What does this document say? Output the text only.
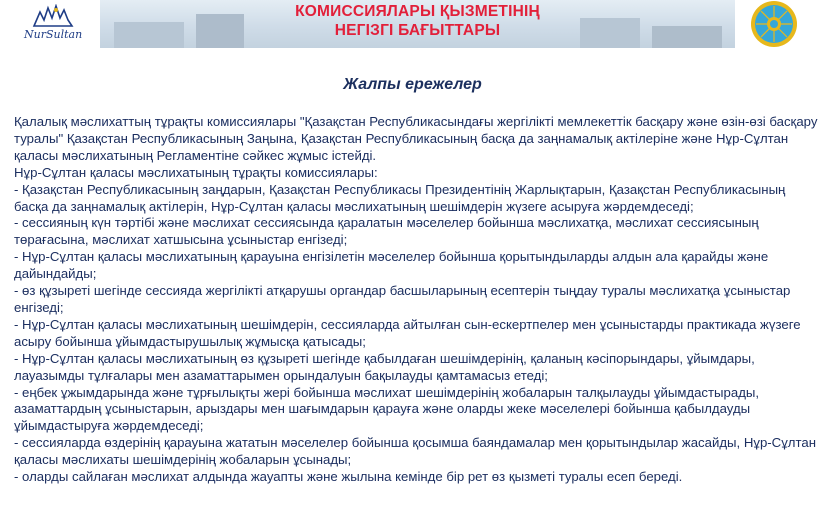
NurSultan
КОМИССИЯЛАРЫ ҚЫЗМЕТІНІҢ
НЕГІЗГІ БАҒЫТТАРЫ
Жалпы ережелер

Қалалық мәслихаттың тұрақты комиссиялары "Қазақстан Республикасындағы жергілікті мемлекеттік басқару және өзін-өзі басқару туралы" Қазақстан Республикасының Заңына, Қазақстан Республикасының басқа да заңнамалық актілеріне және Нұр-Сұлтан қаласы мәслихатының Регламентіне сәйкес жұмыс істейді.

Нұр-Сұлтан қаласы мәслихатының тұрақты комиссиялары:

- Қазақстан Республикасының заңдарын, Қазақстан Республикасы Президентінің Жарлықтарын, Қазақстан Республикасының басқа да заңнамалық актілерін, Нұр-Сұлтан қаласы мәслихатының шешімдерін жүзеге асыруға жәрдемдеседі;

- сессияның күн тәртібі және мәслихат сессиясында қаралатын мәселелер бойынша мәслихатқа, мәслихат сессиясының төрағасына, мәслихат хатшысына ұсыныстар енгізеді;

- Нұр-Сұлтан қаласы мәслихатының қарауына енгізілетін мәселелер бойынша қорытындыларды алдын ала қарайды және дайындайды;

- өз құзыреті шегінде сессияда жергілікті атқарушы органдар басшыларының есептерін тыңдау туралы мәслихатқа ұсыныстар енгізеді;

- Нұр-Сұлтан қаласы мәслихатының шешімдерін, сессияларда айтылған сын-ескертпелер мен ұсыныстарды практикада жүзеге асыру бойынша ұйымдастырушылық жұмысқа қатысады;

- Нұр-Сұлтан қаласы мәслихатының өз құзыреті шегінде қабылдаған шешімдерінің, қаланың кәсіпорындары, ұйымдары, лауазымды тұлғалары мен азаматтарымен орындалуын бақылауды қамтамасыз етеді;

- еңбек ұжымдарында және тұрғылықты жері бойынша мәслихат шешімдерінің жобаларын талқылауды ұйымдастырады, азаматтардың ұсыныстарын, арыздары мен шағымдарын қарауға және оларды жеке мәселелері бойынша қабылдауды ұйымдастыруға жәрдемдеседі;

- сессияларда өздерінің қарауына жататын мәселелер бойынша қосымша баяндамалар мен қорытындылар жасайды, Нұр-Сұлтан қаласы мәслихаты шешімдерінің жобаларын ұсынады;

- оларды сайлаған мәслихат алдында жауапты және жылына кемінде бір рет өз қызметі туралы есеп береді.
